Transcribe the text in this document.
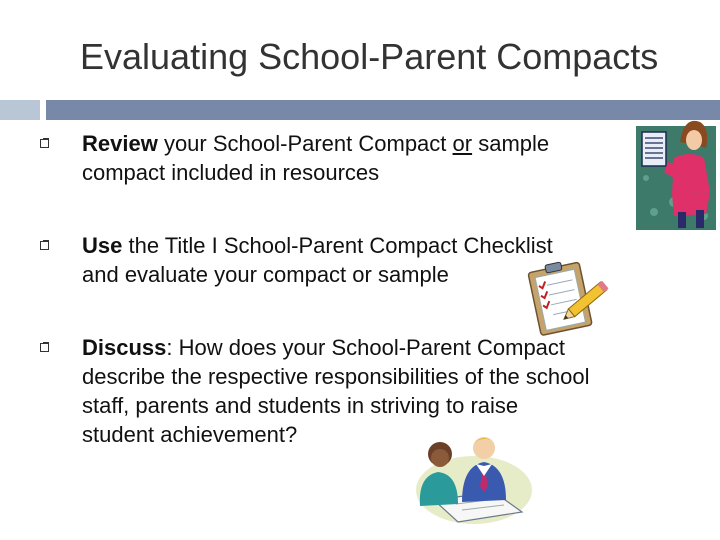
Evaluating School-Parent Compacts
Review your School-Parent Compact or sample
compact included in resources
Use the Title I School-Parent Compact Checklist
and evaluate your compact or sample
Discuss: How does your School-Parent Compact
describe the respective responsibilities of the school
staff, parents and students in striving to raise
student achievement?
